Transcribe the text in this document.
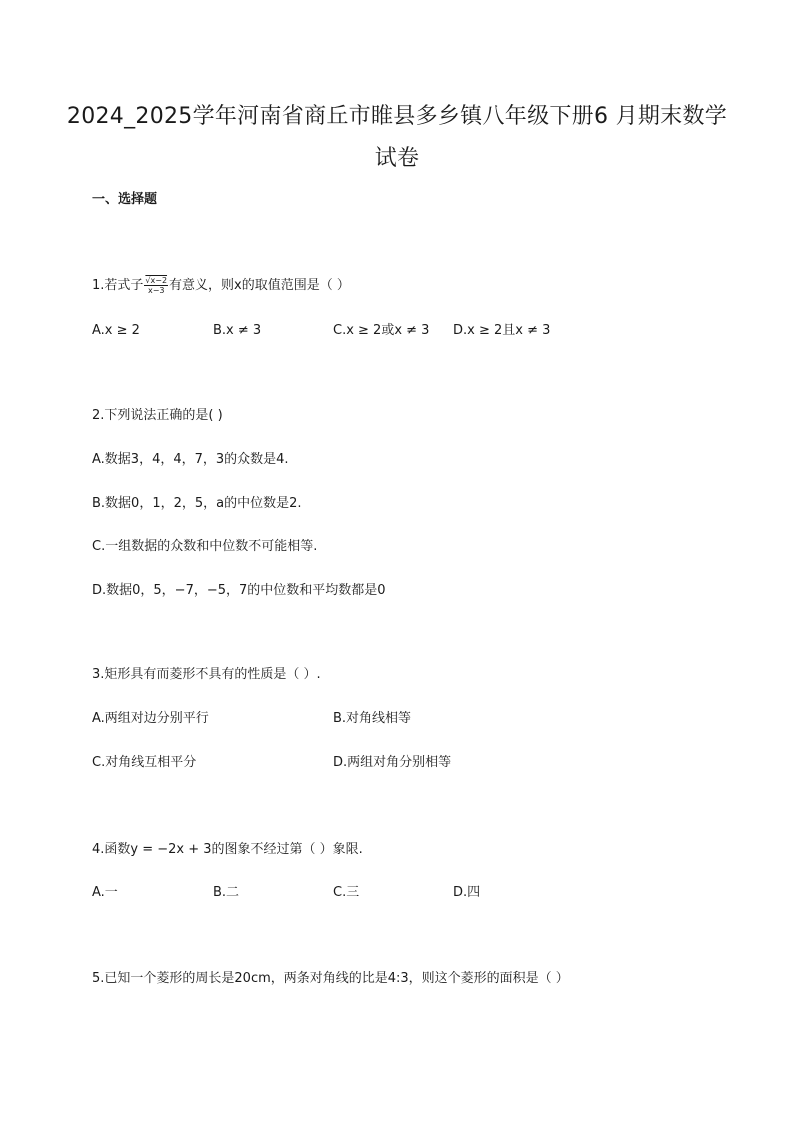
2024_2025学年河南省商丘市睢县多乡镇八年级下册6 月期末数学
试卷
一、选择题
1.若式子 $\frac{√x-2}{x-3}$ 有意义，则x的取值范围是（ ）
A.x ≥ 2	B.x ≠ 3	C.x ≥ 2或x ≠ 3 D.x ≥ 2且x ≠ 3
2.下列说法正确的是( )
A.数据3，4，4，7，3的众数是4.
B.数据0，1，2，5，a的中位数是2.
C.一组数据的众数和中位数不可能相等.
D.数据0，5，−7，−5，7的中位数和平均数都是0
3.矩形具有而菱形不具有的性质是（ ）.
A.两组对边分别平行	B.对角线相等
C.对角线互相平分	D.两组对角分别相等
4.函数y = −2x + 3的图象不经过第（ ）象限.
A.一	B.二	C.三	D.四
5.已知一个菱形的周长是20cm，两条对角线的比是4:3，则这个菱形的面积是（ ）
